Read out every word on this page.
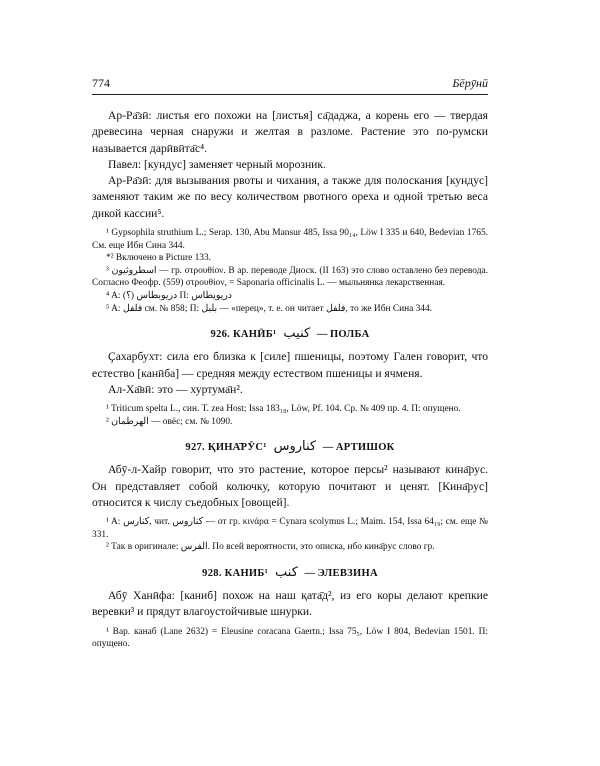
774	Бēрӯнӣ

Ар-Ра̄зӣ: листья его похожи на [листья] са̄даджа, а корень его — твердая древесина черная снаружи и желтая в разломе. Растение это по-румски называется дарӣвӣта̄с⁴.

Павел: [кундус] заменяет черный морозник.

Ар-Ра̄зӣ: для вызывания рвоты и чихания, а также для полоскания [кундус] заменяют таким же по весу количеством рвотного ореха и одной третью веса дикой кассии⁵.

¹ Gypsophila struthium L.; Serap. 130, Abu Mansur 485, Issa 90₁₄, Löw I 335 и 640, Bedevian 1765. См. еще Ибн Сина 344.

*² Включено в Picture 133.

³ اسطروثيون — гр. στρουθίον. В ар. переводе Диоск. (II 163) это слово оставлено без перевода. Согласно Феофр. (559) στρουθίον, = Saponaria officinalis L. — мыльнянка лекарственная.

⁴ A: (؟) دريوبطاس П: دريويطاس

⁵ A: فلفل см. № 858; П: بلبل — «перец», т. е. он читает فلفل, то же Ибн Сина 344.

926. КАНӢБ¹ كنيب — ПОЛБА

Ҫахарбухт: сила его близка к [силе] пшеницы, поэтому Гален говорит, что естество [канӣба] — средняя между естеством пшеницы и ячменя.

Ал-Ха̄вӣ: это — хуртума̄н².

¹ Triticum spelta L., син. T. zea Host; Issa 183₁₈, Löw, Pf. 104. Ср. № 409 пр. 4. П: опущено.

² الهرطمان — овёс; см. № 1090.

927. ҚИНА̄РӮС¹ كناروس — АРТИШОК

Абӯ-л-Хайр говорит, что это растение, которое персы² называют кина̄рус. Он представляет собой колючку, которую почитают и ценят. [Кина̄рус] относится к числу съедобных [овощей].

¹ A: كنارس, чит. كناروس — от гр. κινάρα = Cynara scolymus L.; Maim. 154, Issa 64₁₉; см. еще № 331.

² Так в оригинале: الفرس. По всей вероятности, это описка, ибо кина̄рус слово гр.

928. КАНИБ¹ كنب — ЭЛЕВЗИНА

Абӯ Ханӣфа: [каниб] похож на наш қата̄д², из его коры делают крепкие веревки³ и прядут влагоустойчивые шнурки.

¹ Вар. канаб (Lane 2632) = Eleusine coracana Gaertn.; Issa 75₅, Löw I 804, Bedevian 1501. П: опущено.
